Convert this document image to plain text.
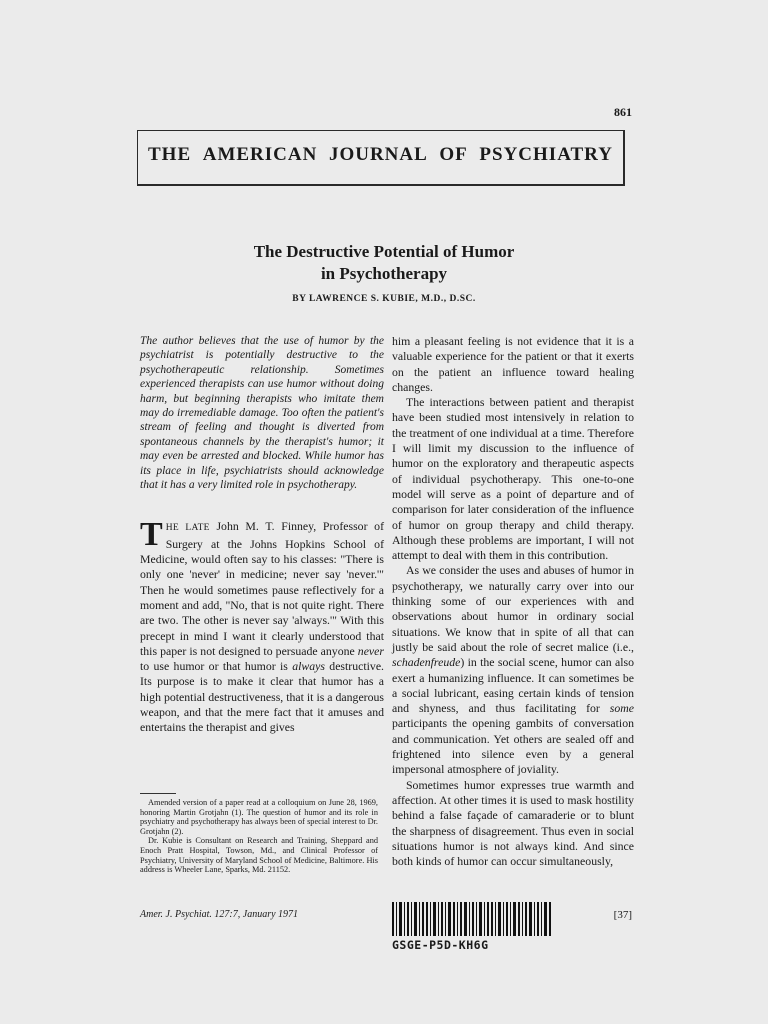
861
THE AMERICAN JOURNAL OF PSYCHIATRY
The Destructive Potential of Humor
in Psychotherapy
BY LAWRENCE S. KUBIE, M.D., D.SC.

The author believes that the use of humor by the psychiatrist is potentially destructive to the psychotherapeutic relationship. Sometimes experienced therapists can use humor without doing harm, but beginning therapists who imitate them may do irremediable damage. Too often the patient's stream of feeling and thought is diverted from spontaneous channels by the therapist's humor; it may even be arrested and blocked. While humor has its place in life, psychiatrists should acknowledge that it has a very limited role in psychotherapy.

THE LATE John M. T. Finney, Professor of Surgery at the Johns Hopkins School of Medicine, would often say to his classes: "There is only one 'never' in medicine; never say 'never.'" Then he would sometimes pause reflectively for a moment and add, "No, that is not quite right. There are two. The other is never say 'always.'" With this precept in mind I want it clearly understood that this paper is not designed to persuade anyone never to use humor or that humor is always destructive. Its purpose is to make it clear that humor has a high potential destructiveness, that it is a dangerous weapon, and that the mere fact that it amuses and entertains the therapist and gives

him a pleasant feeling is not evidence that it is a valuable experience for the patient or that it exerts on the patient an influence toward healing changes.

The interactions between patient and therapist have been studied most intensively in relation to the treatment of one individual at a time. Therefore I will limit my discussion to the influence of humor on the exploratory and therapeutic aspects of individual psychotherapy. This one-to-one model will serve as a point of departure and of comparison for later consideration of the influence of humor on group therapy and child therapy. Although these problems are important, I will not attempt to deal with them in this contribution.

As we consider the uses and abuses of humor in psychotherapy, we naturally carry over into our thinking some of our experiences with and observations about humor in ordinary social situations. We know that in spite of all that can justly be said about the role of secret malice (i.e., schadenfreude) in the social scene, humor can also exert a humanizing influence. It can sometimes be a social lubricant, easing certain kinds of tension and shyness, and thus facilitating for some participants the opening gambits of conversation and communication. Yet others are sealed off and frightened into silence even by a general impersonal atmosphere of joviality.

Sometimes humor expresses true warmth and affection. At other times it is used to mask hostility behind a false façade of camaraderie or to blunt the sharpness of disagreement. Thus even in social situations humor is not always kind. And since both kinds of humor can occur simultaneously,

Amended version of a paper read at a colloquium on June 28, 1969, honoring Martin Grotjahn (1). The question of humor and its role in psychiatry and psychotherapy has always been of special interest to Dr. Grotjahn (2).

Dr. Kubie is Consultant on Research and Training, Sheppard and Enoch Pratt Hospital, Towson, Md., and Clinical Professor of Psychiatry, University of Maryland School of Medicine, Baltimore. His address is Wheeler Lane, Sparks, Md. 21152.

Amer. J. Psychiat. 127:7, January 1971
GSGE-P5D-KH6G
[37]
